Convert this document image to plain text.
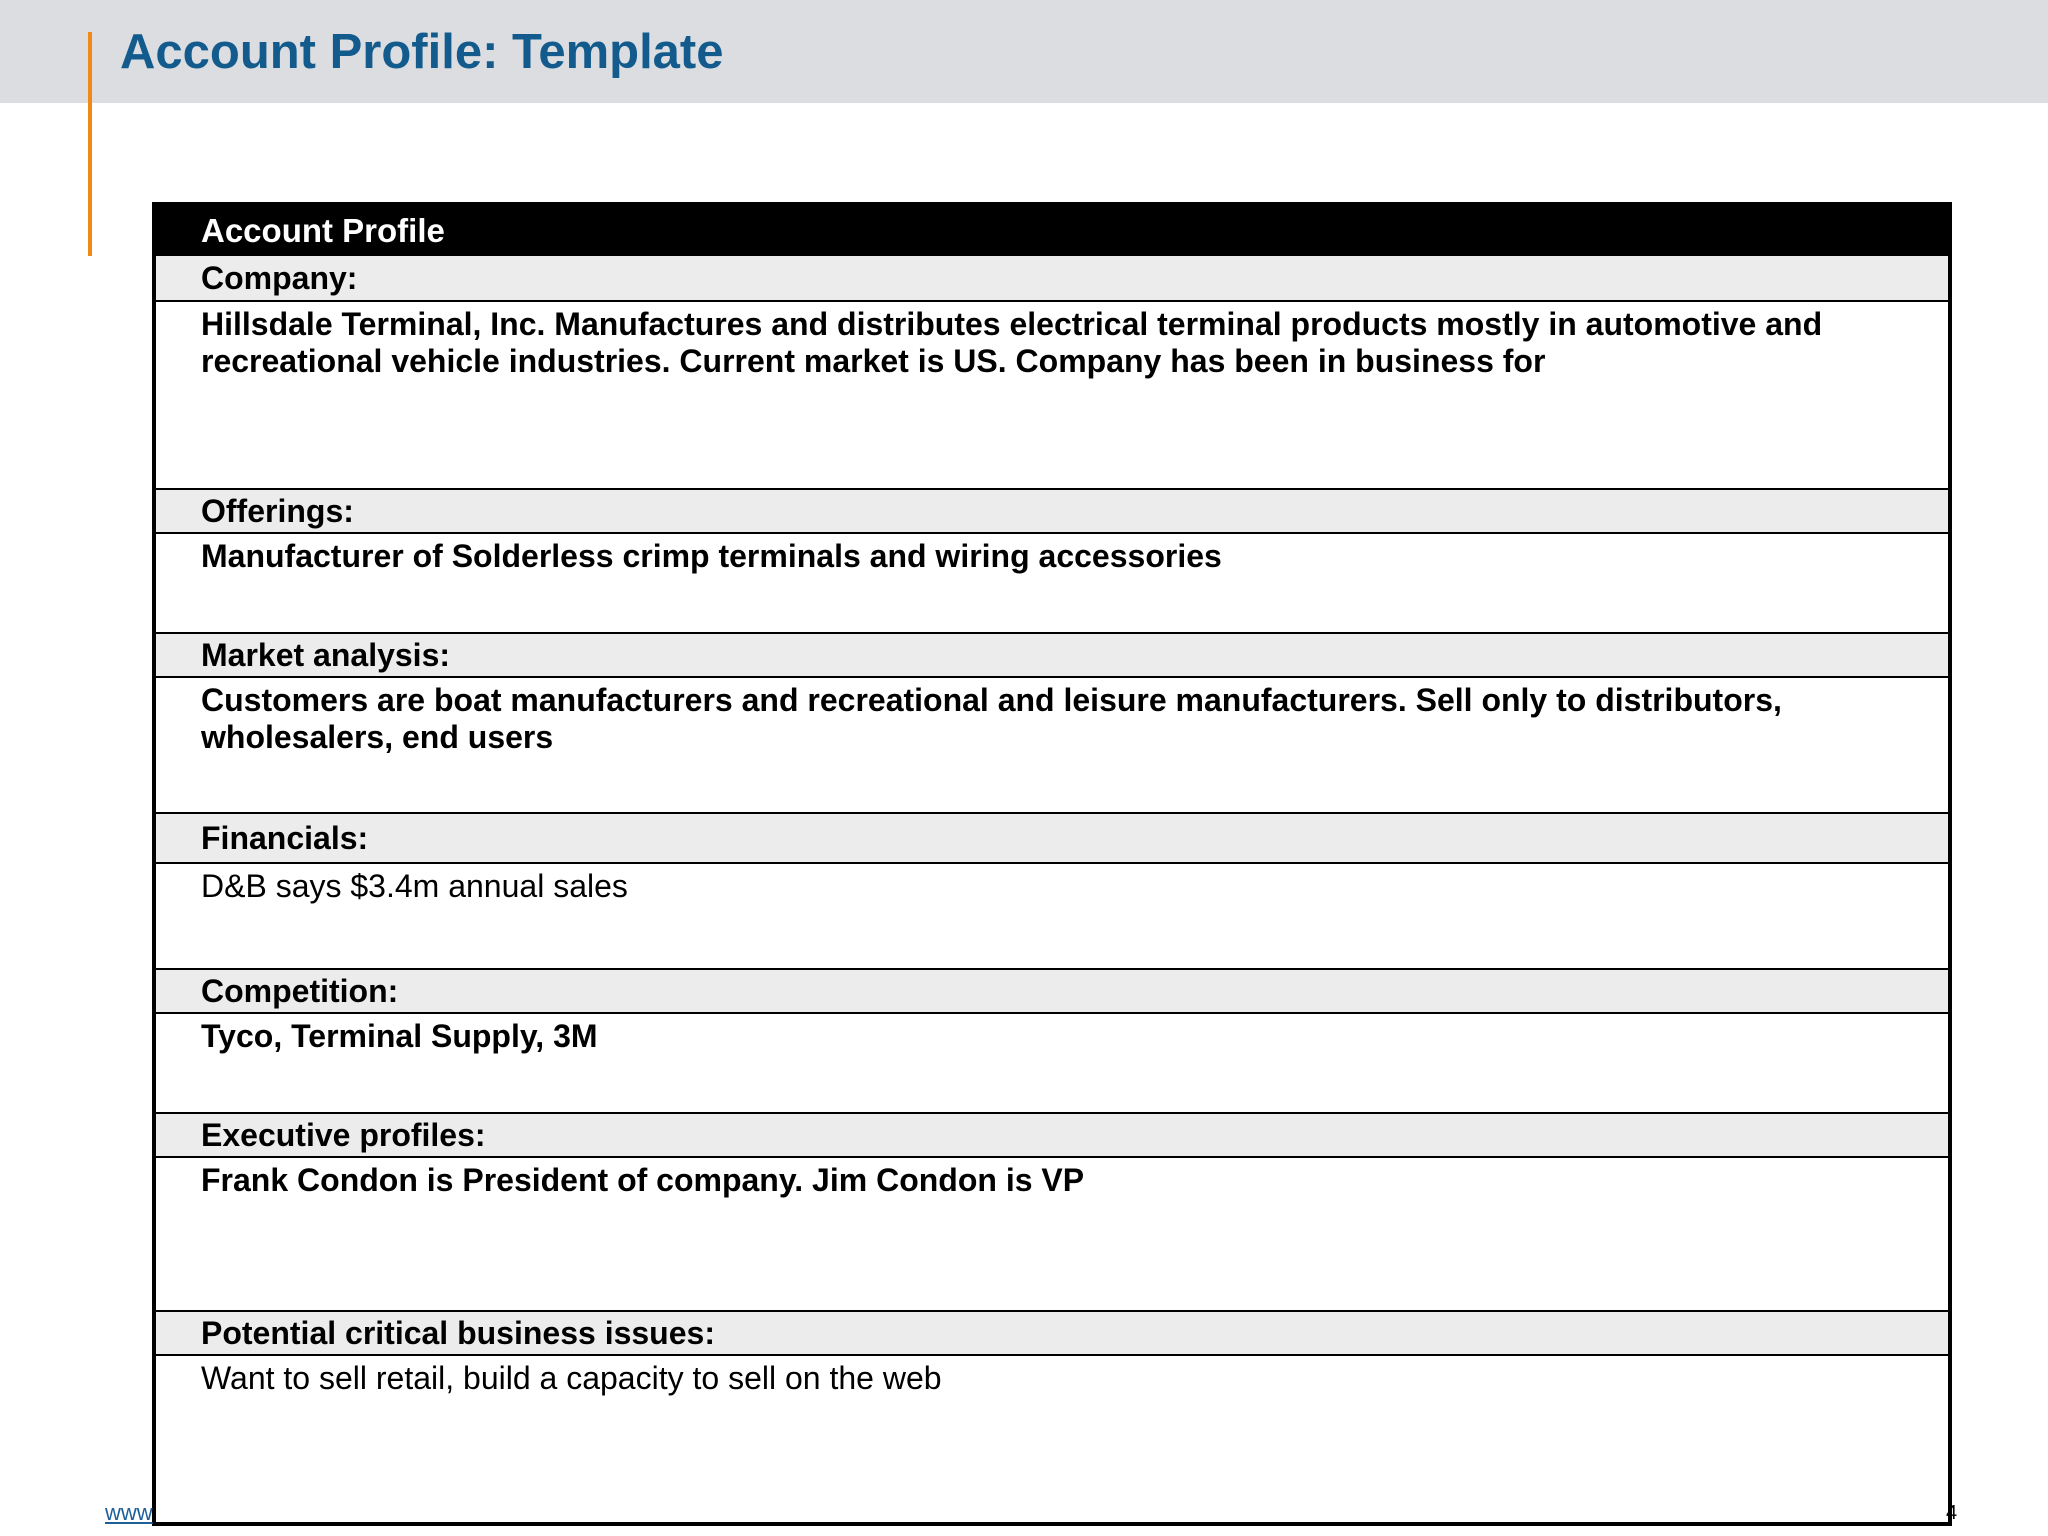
Account Profile: Template
Account Profile
Company:
Hillsdale Terminal, Inc. Manufactures and distributes electrical terminal products mostly in automotive and recreational vehicle industries. Current market is US. Company has been in business for
Offerings:
Manufacturer of Solderless crimp terminals and wiring accessories
Market analysis:
Customers are boat manufacturers and recreational and leisure manufacturers. Sell only to distributors, wholesalers, end users
Financials:
D&B says $3.4m annual sales
Competition:
Tyco, Terminal Supply, 3M
Executive profiles:
Frank Condon is President of company. Jim Condon is VP
Potential critical business issues:
Want to sell retail, build a capacity to sell on the web
www	4
